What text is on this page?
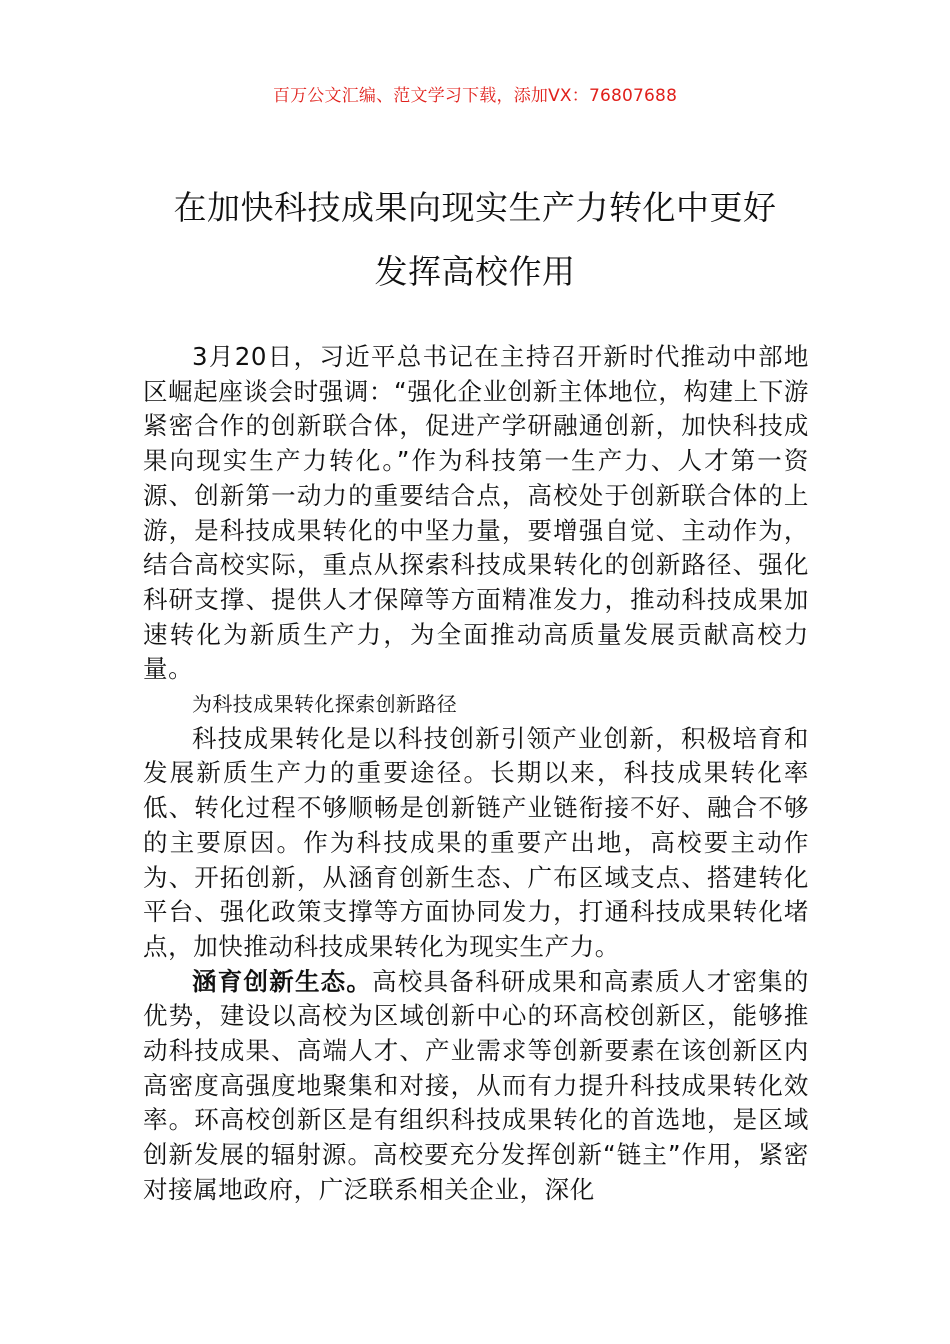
百万公文汇编、范文学习下载，添加VX：76807688
在加快科技成果向现实生产力转化中更好
发挥高校作用

3月20日，习近平总书记在主持召开新时代推动中部地区崛起座谈会时强调：“强化企业创新主体地位，构建上下游紧密合作的创新联合体，促进产学研融通创新，加快科技成果向现实生产力转化。”作为科技第一生产力、人才第一资源、创新第一动力的重要结合点，高校处于创新联合体的上游，是科技成果转化的中坚力量，要增强自觉、主动作为，结合高校实际，重点从探索科技成果转化的创新路径、强化科研支撑、提供人才保障等方面精准发力，推动科技成果加速转化为新质生产力，为全面推动高质量发展贡献高校力量。

为科技成果转化探索创新路径

科技成果转化是以科技创新引领产业创新，积极培育和发展新质生产力的重要途径。长期以来，科技成果转化率低、转化过程不够顺畅是创新链产业链衔接不好、融合不够的主要原因。作为科技成果的重要产出地，高校要主动作为、开拓创新，从涵育创新生态、广布区域支点、搭建转化平台、强化政策支撑等方面协同发力，打通科技成果转化堵点，加快推动科技成果转化为现实生产力。

涵育创新生态。高校具备科研成果和高素质人才密集的优势，建设以高校为区域创新中心的环高校创新区，能够推动科技成果、高端人才、产业需求等创新要素在该创新区内高密度高强度地聚集和对接，从而有力提升科技成果转化效率。环高校创新区是有组织科技成果转化的首选地，是区域创新发展的辐射源。高校要充分发挥创新“链主”作用，紧密对接属地政府，广泛联系相关企业，深化
